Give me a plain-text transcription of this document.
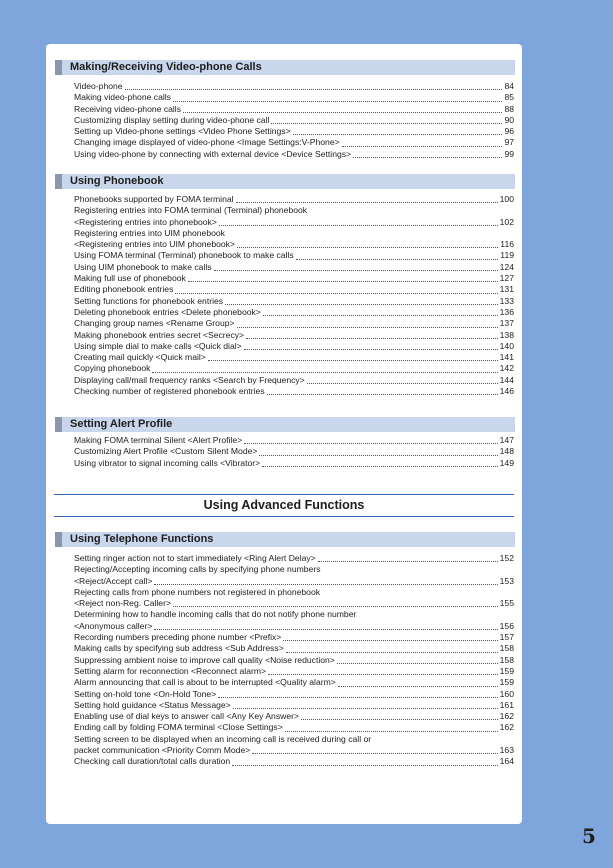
Making/Receiving Video-phone Calls
Video-phone	84
Making video-phone calls	85
Receiving video-phone calls	88
Customizing display setting during video-phone call	90
Setting up Video-phone settings <Video Phone Settings>	96
Changing image displayed of video-phone <Image Settings:V-Phone>	97
Using video-phone by connecting with external device <Device Settings>	99
Using Phonebook
Phonebooks supported by FOMA terminal	100
Registering entries into FOMA terminal (Terminal) phonebook
<Registering entries into phonebook>	102
Registering entries into UIM phonebook
<Registering entries into UIM phonebook>	116
Using FOMA terminal (Terminal) phonebook to make calls	119
Using UIM phonebook to make calls	124
Making full use of phonebook	127
Editing phonebook entries	131
Setting functions for phonebook entries	133
Deleting phonebook entries <Delete phonebook>	136
Changing group names <Rename Group>	137
Making phonebook entries secret <Secrecy>	138
Using simple dial to make calls <Quick dial>	140
Creating mail quickly <Quick mail>	141
Copying phonebook	142
Displaying call/mail frequency ranks <Search by Frequency>	144
Checking number of registered phonebook entries	146
Setting Alert Profile
Making FOMA terminal Silent <Alert Profile>	147
Customizing Alert Profile <Custom Silent Mode>	148
Using vibrator to signal incoming calls <Vibrator>	149
Using Advanced Functions
Using Telephone Functions
Setting ringer action not to start immediately <Ring Alert Delay>	152
Rejecting/Accepting incoming calls by specifying phone numbers
<Reject/Accept call>	153
Rejecting calls from phone numbers not registered in phonebook
<Reject non-Reg. Caller>	155
Determining how to handle incoming calls that do not notify phone number
<Anonymous caller>	156
Recording numbers preceding phone number <Prefix>	157
Making calls by specifying sub address <Sub Address>	158
Suppressing ambient noise to improve call quality <Noise reduction>	158
Setting alarm for reconnection <Reconnect alarm>	159
Alarm announcing that call is about to be interrupted <Quality alarm>	159
Setting on-hold tone <On-Hold Tone>	160
Setting hold guidance <Status Message>	161
Enabling use of dial keys to answer call <Any Key Answer>	162
Ending call by folding FOMA terminal <Close Settings>	162
Setting screen to be displayed when an incoming call is received during call or
packet communication <Priority Comm Mode>	163
Checking call duration/total calls duration	164
5
